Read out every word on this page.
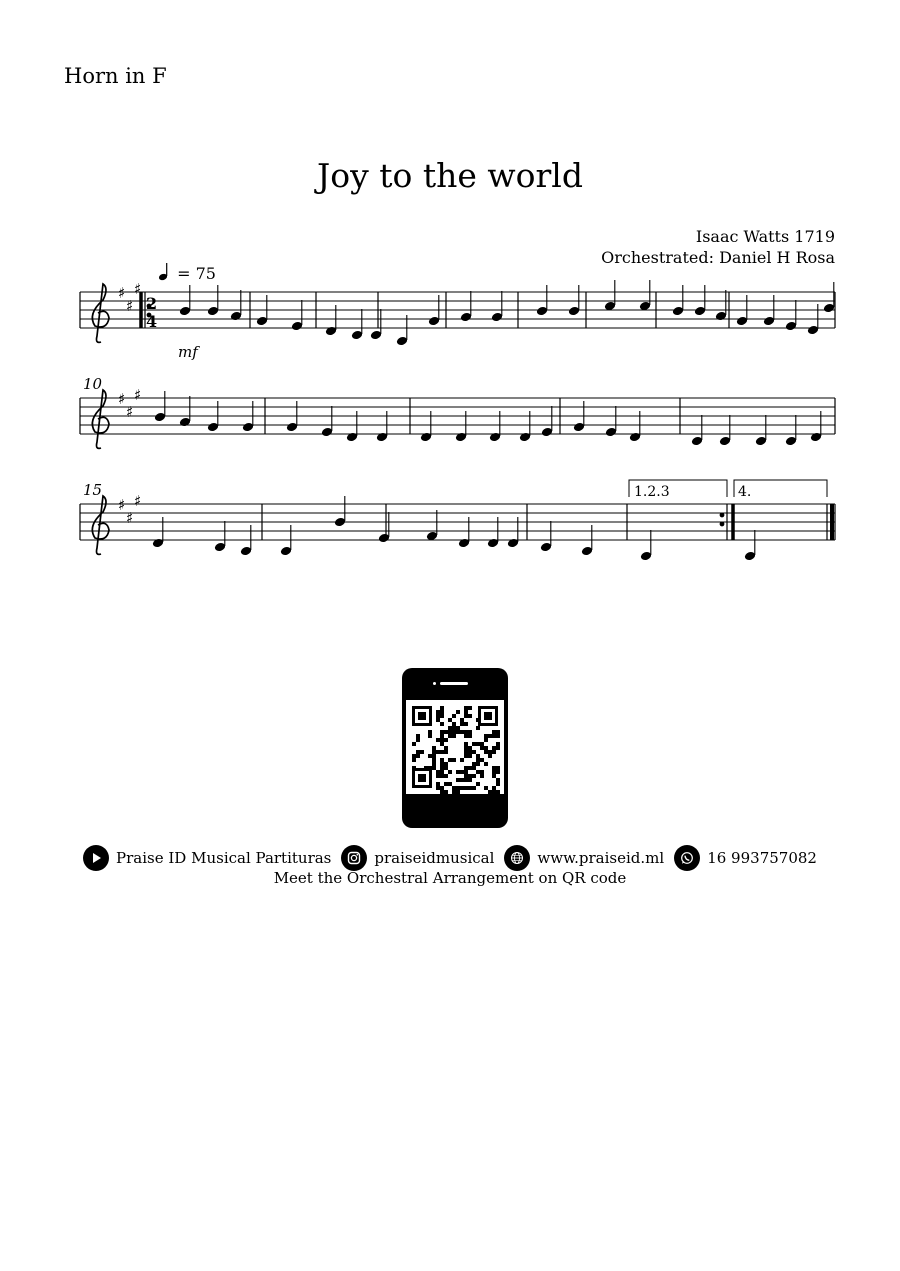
Horn in F
Joy to the world
Isaac Watts 1719
Orchestrated: Daniel H Rosa
= 75
♯
♯
♯
♯
♯
♯
♯
♯
♯
2
4
mf
10
15	1.2.3	4.
Praise ID Musical Partituras	praiseidmusical	www.praiseid.ml	16 993757082
Meet the Orchestral Arrangement on QR code
